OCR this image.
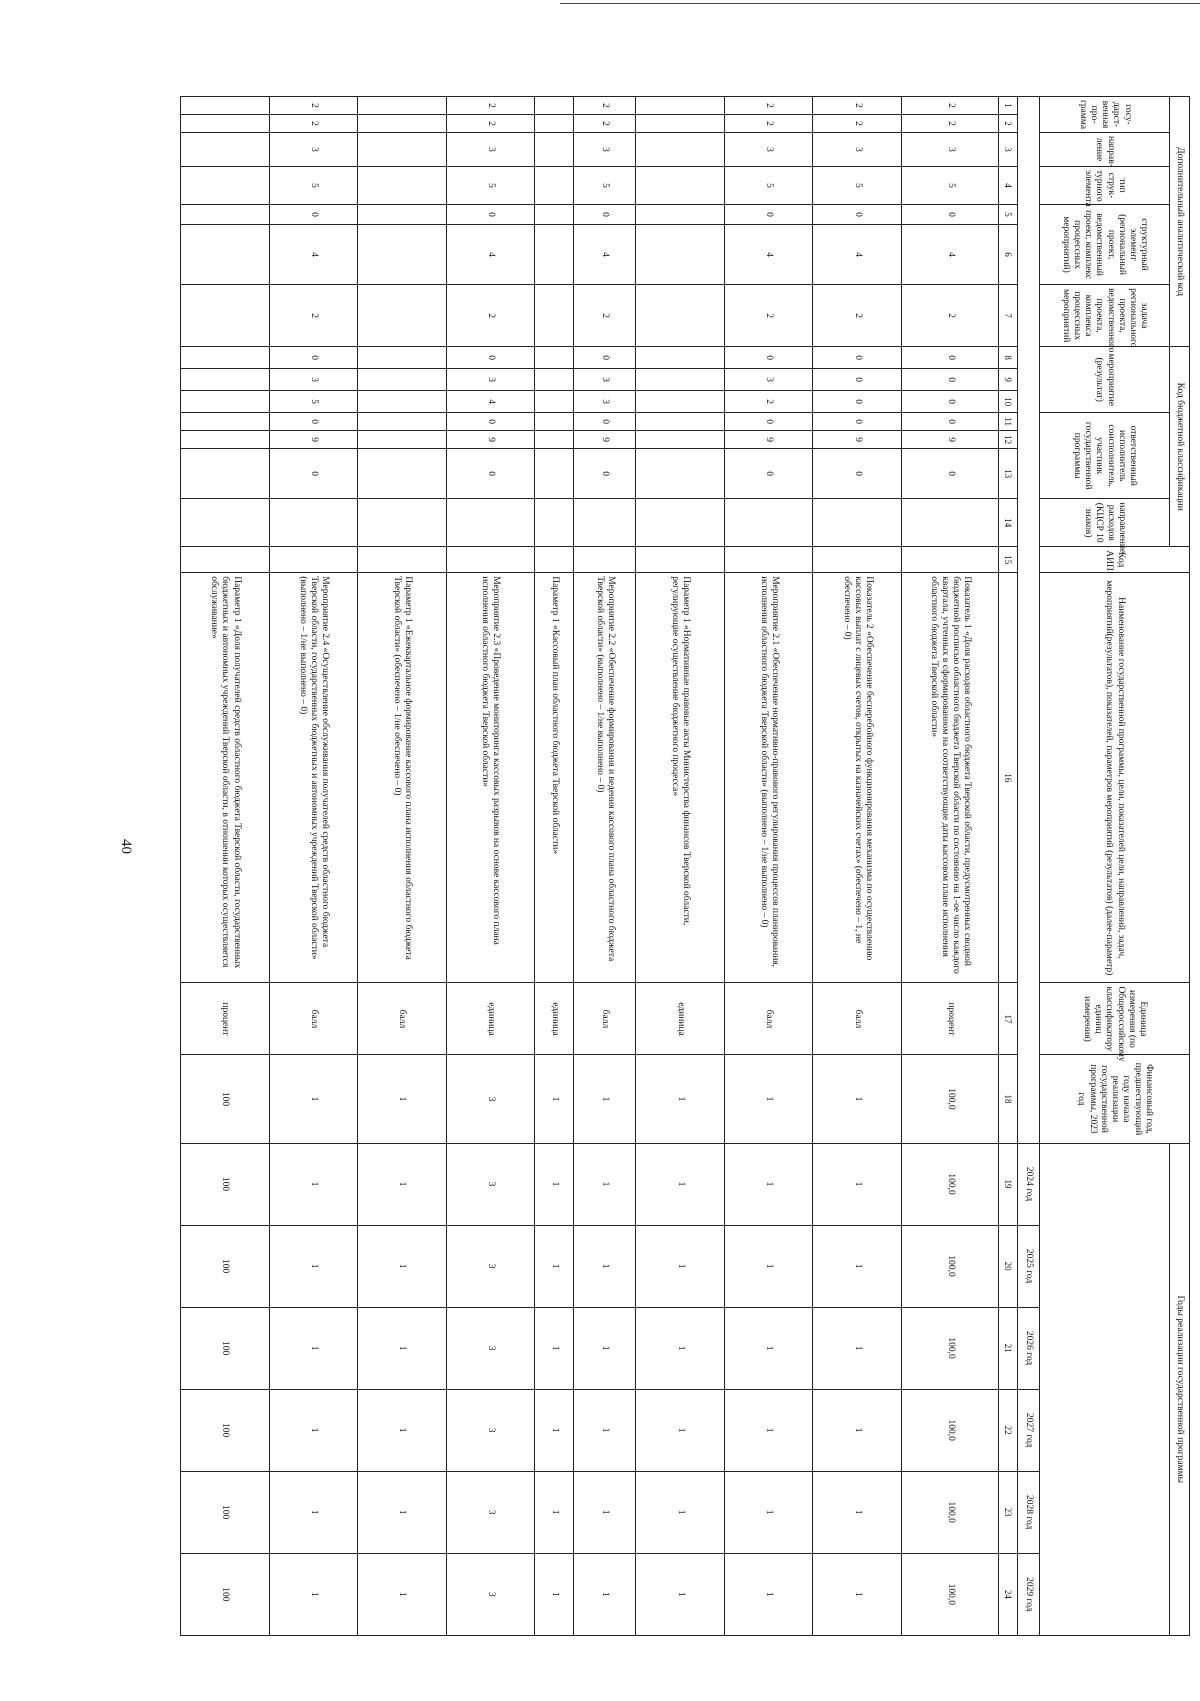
40
Дополнительный аналитический код							Код бюджетной классификации							Код АИП	Наименование государственной программы, цели, показателей цели, направлений, задач, мероприятий(результатов), показателей, параметров мероприятий (результатов) (далее-параметр)	Единица измерения (по Общероссийскому классификатору единиц измерения)	Финансовый год, предшествующий году начала реализации государственной программы, 2023 год	Годы реализации государственной программы					
госу-дарст-венная про-грамма		направ-ление	тип струк-турного элемента	структурный элемент (региональный проект, ведомственный проект, комплекс процессных мероприятий)		задача регионального проекта, ведомственного проекта, комплекса процессных мероприятий	мероприятие (результат)			ответственный исполнитель соисполнитель, участник государственной программы			направление расходов (КЦСР 10 знаков)										

																		2024 год	2025 год	2026 год	2027 год	2028 год	2029 год
1	2	3	4	5	6	7	8	9	10	11	12	13	14	15	16	17	18	19	20	21	22	23	24
2	2	3	5	0	4	2	0	0	0	0	9	0			Показатель 1 «Доля расходов областного бюджета Тверской области, предусмотренных сводной бюджетной росписью областного бюджета Тверской области по состоянию на 1-ое число каждого квартала, учтенных в сформированном на соответствующие даты кассовом плане исполнения областного бюджета Тверской области»	процент	100,0	100,0	100,0	100,0	100,0	100,0	100,0
2	2	3	5	0	4	2	0	0	0	0	9	0			Показатель 2 «Обеспечение бесперебойного функционирования механизма по осуществлению кассовых выплат с лицевых счетов, открытых на казначейских счетах» (обеспечено – 1, не обеспечено – 0)	балл	1	1	1	1	1	1	1
2	2	3	5	0	4	2	0	3	2	0	9	0			Мероприятие 2.1 «Обеспечение нормативно-правового регулирования процессов планирования, исполнения областного бюджета Тверской области» (выполнено – 1/не выполнено – 0)	балл	1	1	1	1	1	1	1
															Параметр 1 «Нормативные правовые акты Министерства финансов Тверской области, регулирующие осуществление бюджетного процесса»	единица	1	1	1	1	1	1	1
2	2	3	5	0	4	2	0	3	3	0	9	0			Мероприятие 2.2 «Обеспечение формирования и ведения кассового плана областного бюджета Тверской области» (выполнено – 1/не выполнено – 0)	балл	1	1	1	1	1	1	1
															Параметр 1 «Кассовый план областного бюджета Тверской области»	единица	1	1	1	1	1	1	1
2	2	3	5	0	4	2	0	3	4	0	9	0			Мероприятие 2.3 «Проведение мониторинга кассовых разрывов на основе кассового плана исполнения областного бюджета Тверской области»	единица	3	3	3	3	3	3	3
															Параметр 1 «Ежеквартальное формирование кассового плана исполнения областного бюджета Тверской области» (обеспечено – 1/не обеспечено – 0)	балл	1	1	1	1	1	1	1
2	2	3	5	0	4	2	0	3	5	0	9	0			Мероприятие 2.4 «Осуществление обслуживания получателей средств областного бюджета Тверской области, государственных бюджетных и автономных учреждений Тверской области» (выполнено – 1/не выполнено – 0)	балл	1	1	1	1	1	1	1
															Параметр 1 «Доля получателей средств областного бюджета Тверской области, государственных бюджетных и автономных учреждений Тверской области, в отношении которых осуществляется обслуживание»	процент	100	100	100	100	100	100	100
